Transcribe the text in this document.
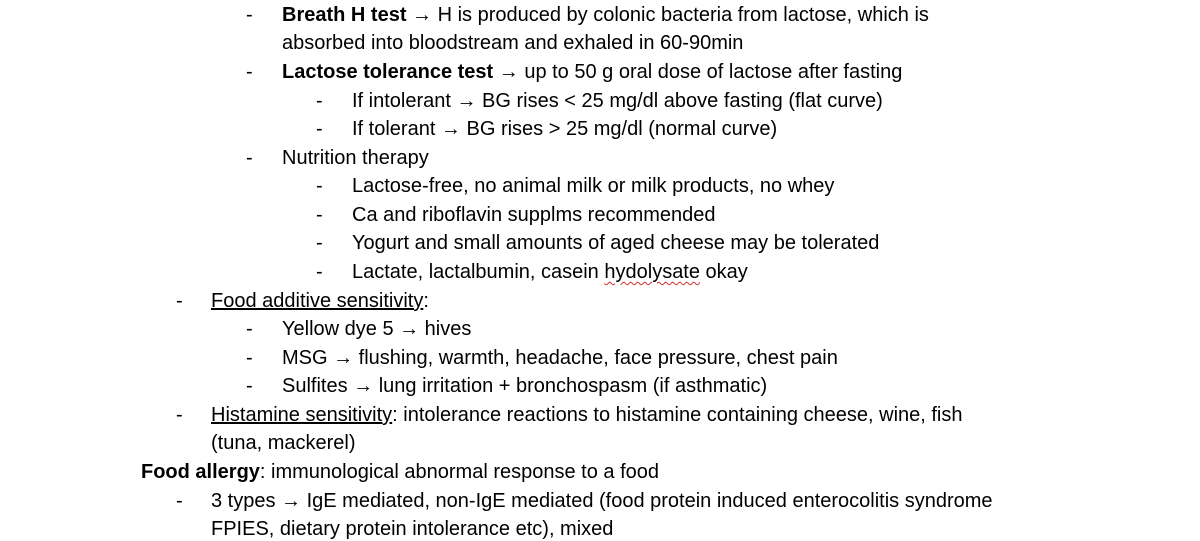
- Breath H test → H is produced by colonic bacteria from lactose, which is
absorbed into bloodstream and exhaled in 60-90min
- Lactose tolerance test → up to 50 g oral dose of lactose after fasting
- If intolerant → BG rises < 25 mg/dl above fasting (flat curve)
- If tolerant → BG rises > 25 mg/dl (normal curve)
- Nutrition therapy
- Lactose-free, no animal milk or milk products, no whey
- Ca and riboflavin supplms recommended
- Yogurt and small amounts of aged cheese may be tolerated
- Lactate, lactalbumin, casein hydolysate okay
- Food additive sensitivity:
- Yellow dye 5 → hives
- MSG → flushing, warmth, headache, face pressure, chest pain
- Sulfites → lung irritation + bronchospasm (if asthmatic)
- Histamine sensitivity: intolerance reactions to histamine containing cheese, wine, fish
(tuna, mackerel)
Food allergy: immunological abnormal response to a food
- 3 types → IgE mediated, non-IgE mediated (food protein induced enterocolitis syndrome
FPIES, dietary protein intolerance etc), mixed
